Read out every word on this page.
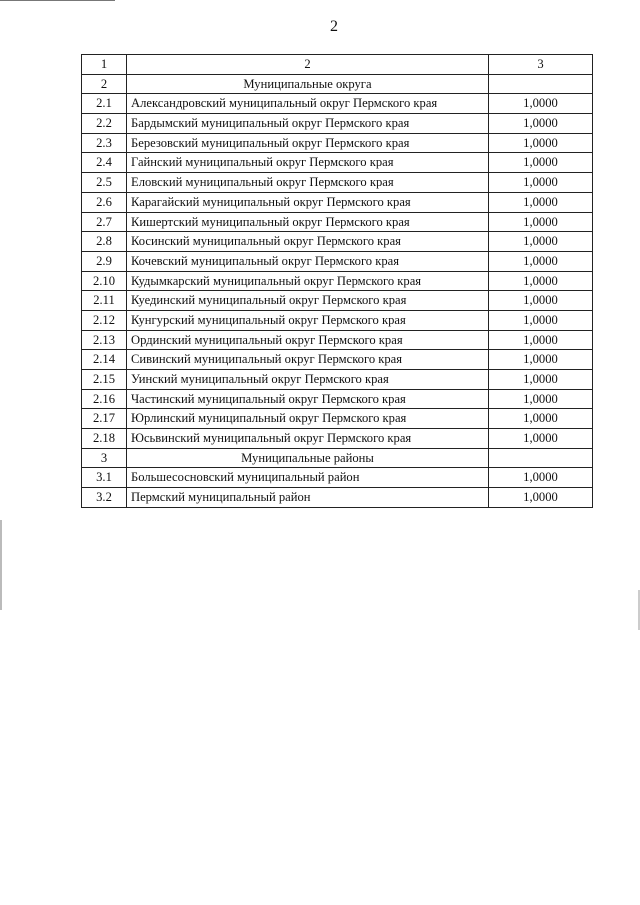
2
1	2	3
2	Муниципальные округа	
2.1	Александровский муниципальный округ Пермского края	1,0000
2.2	Бардымский муниципальный округ Пермского края	1,0000
2.3	Березовский муниципальный округ Пермского края	1,0000
2.4	Гайнский муниципальный округ Пермского края	1,0000
2.5	Еловский муниципальный округ Пермского края	1,0000
2.6	Карагайский муниципальный округ Пермского края	1,0000
2.7	Кишертский муниципальный округ Пермского края	1,0000
2.8	Косинский муниципальный округ Пермского края	1,0000
2.9	Кочевский муниципальный округ Пермского края	1,0000
2.10	Кудымкарский муниципальный округ Пермского края	1,0000
2.11	Куединский муниципальный округ Пермского края	1,0000
2.12	Кунгурский муниципальный округ Пермского края	1,0000
2.13	Ординский муниципальный округ Пермского края	1,0000
2.14	Сивинский муниципальный округ Пермского края	1,0000
2.15	Уинский муниципальный округ Пермского края	1,0000
2.16	Частинский муниципальный округ Пермского края	1,0000
2.17	Юрлинский муниципальный округ Пермского края	1,0000
2.18	Юсьвинский муниципальный округ Пермского края	1,0000
3	Муниципальные районы	
3.1	Большесосновский муниципальный район	1,0000
3.2	Пермский муниципальный район	1,0000
